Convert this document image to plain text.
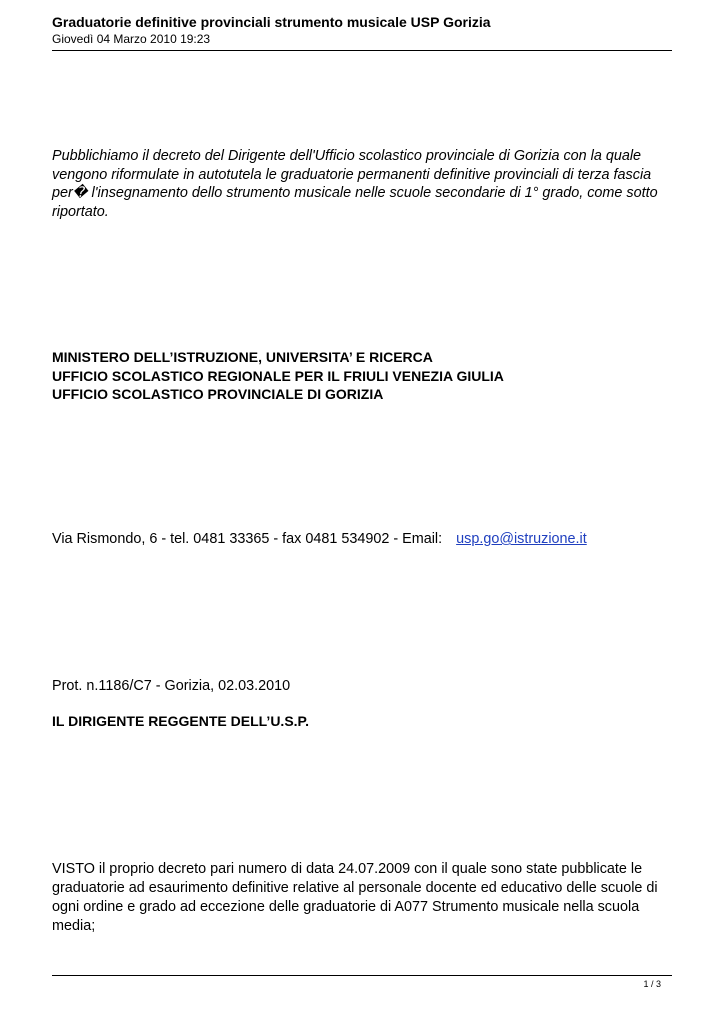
Graduatorie definitive provinciali strumento musicale USP Gorizia
Giovedì 04 Marzo 2010 19:23

Pubblichiamo il decreto del Dirigente dell'Ufficio scolastico provinciale di Gorizia con la quale vengono riformulate in autotutela le graduatorie permanenti definitive provinciali di terza fascia per� l'insegnamento dello strumento musicale nelle scuole secondarie di 1° grado, come sotto riportato.

MINISTERO DELL’ISTRUZIONE, UNIVERSITA’ E RICERCA
UFFICIO SCOLASTICO REGIONALE PER IL FRIULI VENEZIA GIULIA
UFFICIO SCOLASTICO PROVINCIALE DI GORIZIA
Via Rismondo, 6 - tel. 0481 33365 - fax 0481 534902 - Email: usp.go@istruzione.it
Prot. n.1186/C7 - Gorizia, 02.03.2010
IL DIRIGENTE REGGENTE DELL’U.S.P.

VISTO il proprio decreto pari numero di data 24.07.2009 con il quale sono state pubblicate le graduatorie ad esaurimento definitive relative al personale docente ed educativo delle scuole di ogni ordine e grado ad eccezione delle graduatorie di A077 Strumento musicale nella scuola media;

1 / 3
